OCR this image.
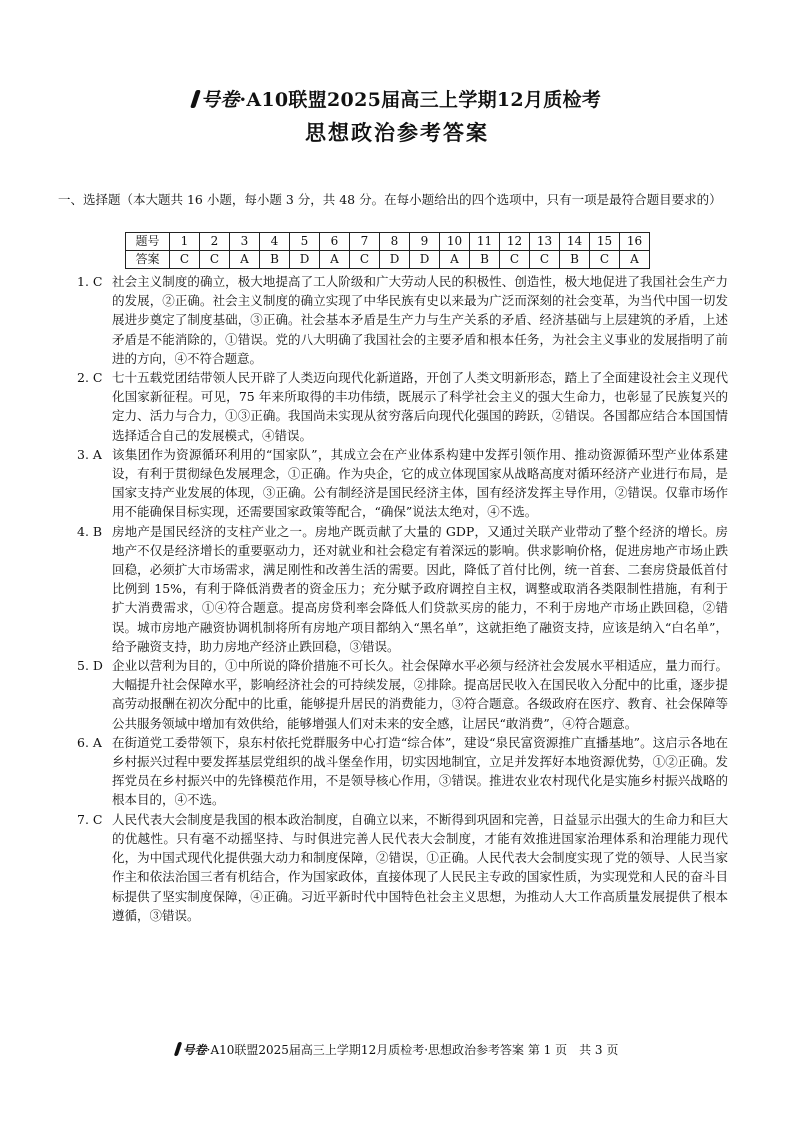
号卷·A10联盟2025届高三上学期12月质检考
思想政治参考答案
一、选择题（本大题共 16 小题，每小题 3 分，共 48 分。在每小题给出的四个选项中，只有一项是最符合题目要求的）
题号	1	2	3	4	5	6	7	8	9	10	11	12	13	14	15	16
答案	C	C	A	B	D	A	C	D	D	A	B	C	C	B	C	A
1. C 社会主义制度的确立，极大地提高了工人阶级和广大劳动人民的积极性、创造性，极大地促进了我国社会生产力的发展，②正确。社会主义制度的确立实现了中华民族有史以来最为广泛而深刻的社会变革，为当代中国一切发展进步奠定了制度基础，③正确。社会基本矛盾是生产力与生产关系的矛盾、经济基础与上层建筑的矛盾，上述矛盾是不能消除的，①错误。党的八大明确了我国社会的主要矛盾和根本任务，为社会主义事业的发展指明了前进的方向，④不符合题意。
2. C 七十五载党团结带领人民开辟了人类迈向现代化新道路，开创了人类文明新形态，踏上了全面建设社会主义现代化国家新征程。可见，75 年来所取得的丰功伟绩，既展示了科学社会主义的强大生命力，也彰显了民族复兴的定力、活力与合力，①③正确。我国尚未实现从贫穷落后向现代化强国的跨跃，②错误。各国都应结合本国国情选择适合自己的发展模式，④错误。
3. A 该集团作为资源循环利用的“国家队”，其成立会在产业体系构建中发挥引领作用、推动资源循环型产业体系建设，有利于贯彻绿色发展理念，①正确。作为央企，它的成立体现国家从战略高度对循环经济产业进行布局，是国家支持产业发展的体现，③正确。公有制经济是国民经济主体，国有经济发挥主导作用，②错误。仅靠市场作用不能确保目标实现，还需要国家政策等配合，“确保”说法太绝对，④不选。
4. B 房地产是国民经济的支柱产业之一。房地产既贡献了大量的 GDP，又通过关联产业带动了整个经济的增长。房地产不仅是经济增长的重要驱动力，还对就业和社会稳定有着深远的影响。供求影响价格，促进房地产市场止跌回稳，必须扩大市场需求，满足刚性和改善生活的需要。因此，降低了首付比例，统一首套、二套房贷最低首付比例到 15%，有利于降低消费者的资金压力；充分赋予政府调控自主权，调整或取消各类限制性措施，有利于扩大消费需求，①④符合题意。提高房贷利率会降低人们贷款买房的能力，不利于房地产市场止跌回稳，②错误。城市房地产融资协调机制将所有房地产项目都纳入“黑名单”，这就拒绝了融资支持，应该是纳入“白名单”，给予融资支持，助力房地产经济止跌回稳，③错误。
5. D 企业以营利为目的，①中所说的降价措施不可长久。社会保障水平必须与经济社会发展水平相适应，量力而行。大幅提升社会保障水平，影响经济社会的可持续发展，②排除。提高居民收入在国民收入分配中的比重，逐步提高劳动报酬在初次分配中的比重，能够提升居民的消费能力，③符合题意。各级政府在医疗、教育、社会保障等公共服务领域中增加有效供给，能够增强人们对未来的安全感，让居民“敢消费”，④符合题意。
6. A 在街道党工委带领下，泉东村依托党群服务中心打造“综合体”，建设“泉民富资源推广直播基地”。这启示各地在乡村振兴过程中要发挥基层党组织的战斗堡垒作用，切实因地制宜，立足并发挥好本地资源优势，①②正确。发挥党员在乡村振兴中的先锋模范作用，不是领导核心作用，③错误。推进农业农村现代化是实施乡村振兴战略的根本目的，④不选。
7. C 人民代表大会制度是我国的根本政治制度，自确立以来，不断得到巩固和完善，日益显示出强大的生命力和巨大的优越性。只有毫不动摇坚持、与时俱进完善人民代表大会制度，才能有效推进国家治理体系和治理能力现代化，为中国式现代化提供强大动力和制度保障，②错误，①正确。人民代表大会制度实现了党的领导、人民当家作主和依法治国三者有机结合，作为国家政体，直接体现了人民民主专政的国家性质，为实现党和人民的奋斗目标提供了坚实制度保障，④正确。习近平新时代中国特色社会主义思想，为推动人大工作高质量发展提供了根本遵循，③错误。
号卷·A10联盟2025届高三上学期12月质检考·思想政治参考答案 第 1 页　共 3 页
